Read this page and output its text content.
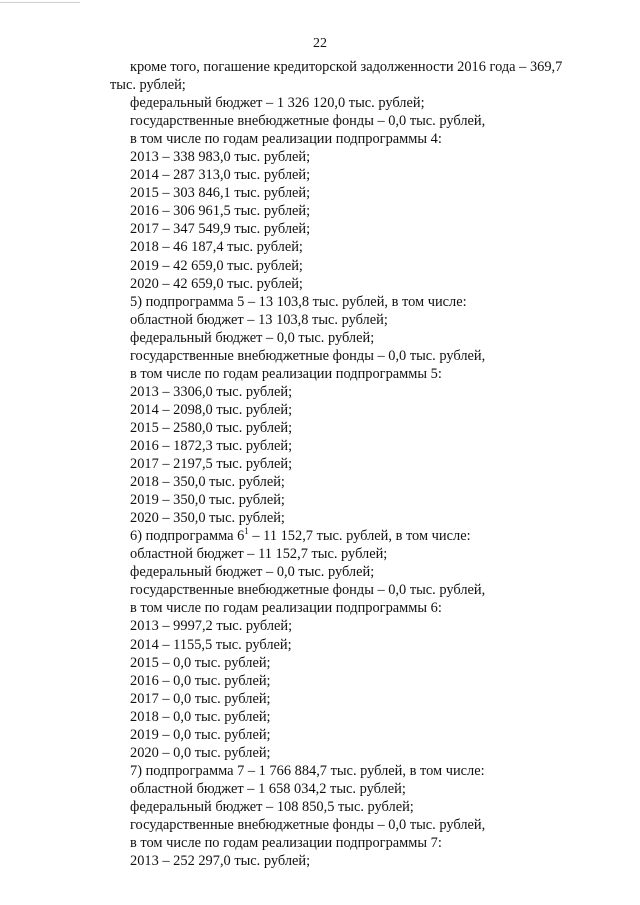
22
кроме того, погашение кредиторской задолженности 2016 года – 369,7
тыс. рублей;
федеральный бюджет – 1 326 120,0 тыс. рублей;
государственные внебюджетные фонды – 0,0 тыс. рублей,
в том числе по годам реализации подпрограммы 4:
2013 – 338 983,0 тыс. рублей;
2014 – 287 313,0 тыс. рублей;
2015 – 303 846,1 тыс. рублей;
2016 – 306 961,5 тыс. рублей;
2017 – 347 549,9 тыс. рублей;
2018 – 46 187,4 тыс. рублей;
2019 – 42 659,0 тыс. рублей;
2020 – 42 659,0 тыс. рублей;
5) подпрограмма 5 – 13 103,8 тыс. рублей, в том числе:
областной бюджет – 13 103,8 тыс. рублей;
федеральный бюджет – 0,0 тыс. рублей;
государственные внебюджетные фонды – 0,0 тыс. рублей,
в том числе по годам реализации подпрограммы 5:
2013 – 3306,0 тыс. рублей;
2014 – 2098,0 тыс. рублей;
2015 – 2580,0 тыс. рублей;
2016 – 1872,3 тыс. рублей;
2017 – 2197,5 тыс. рублей;
2018 – 350,0 тыс. рублей;
2019 – 350,0 тыс. рублей;
2020 – 350,0 тыс. рублей;
6) подпрограмма $6^1 - 11$ 152,7 тыс. рублей, в том числе:
областной бюджет – 11 152,7 тыс. рублей;
федеральный бюджет – 0,0 тыс. рублей;
государственные внебюджетные фонды – 0,0 тыс. рублей,
в том числе по годам реализации подпрограммы 6:
2013 – 9997,2 тыс. рублей;
2014 – 1155,5 тыс. рублей;
2015 – 0,0 тыс. рублей;
2016 – 0,0 тыс. рублей;
2017 – 0,0 тыс. рублей;
2018 – 0,0 тыс. рублей;
2019 – 0,0 тыс. рублей;
2020 – 0,0 тыс. рублей;
7) подпрограмма 7 – 1 766 884,7 тыс. рублей, в том числе:
областной бюджет – 1 658 034,2 тыс. рублей;
федеральный бюджет – 108 850,5 тыс. рублей;
государственные внебюджетные фонды – 0,0 тыс. рублей,
в том числе по годам реализации подпрограммы 7:
2013 – 252 297,0 тыс. рублей;
